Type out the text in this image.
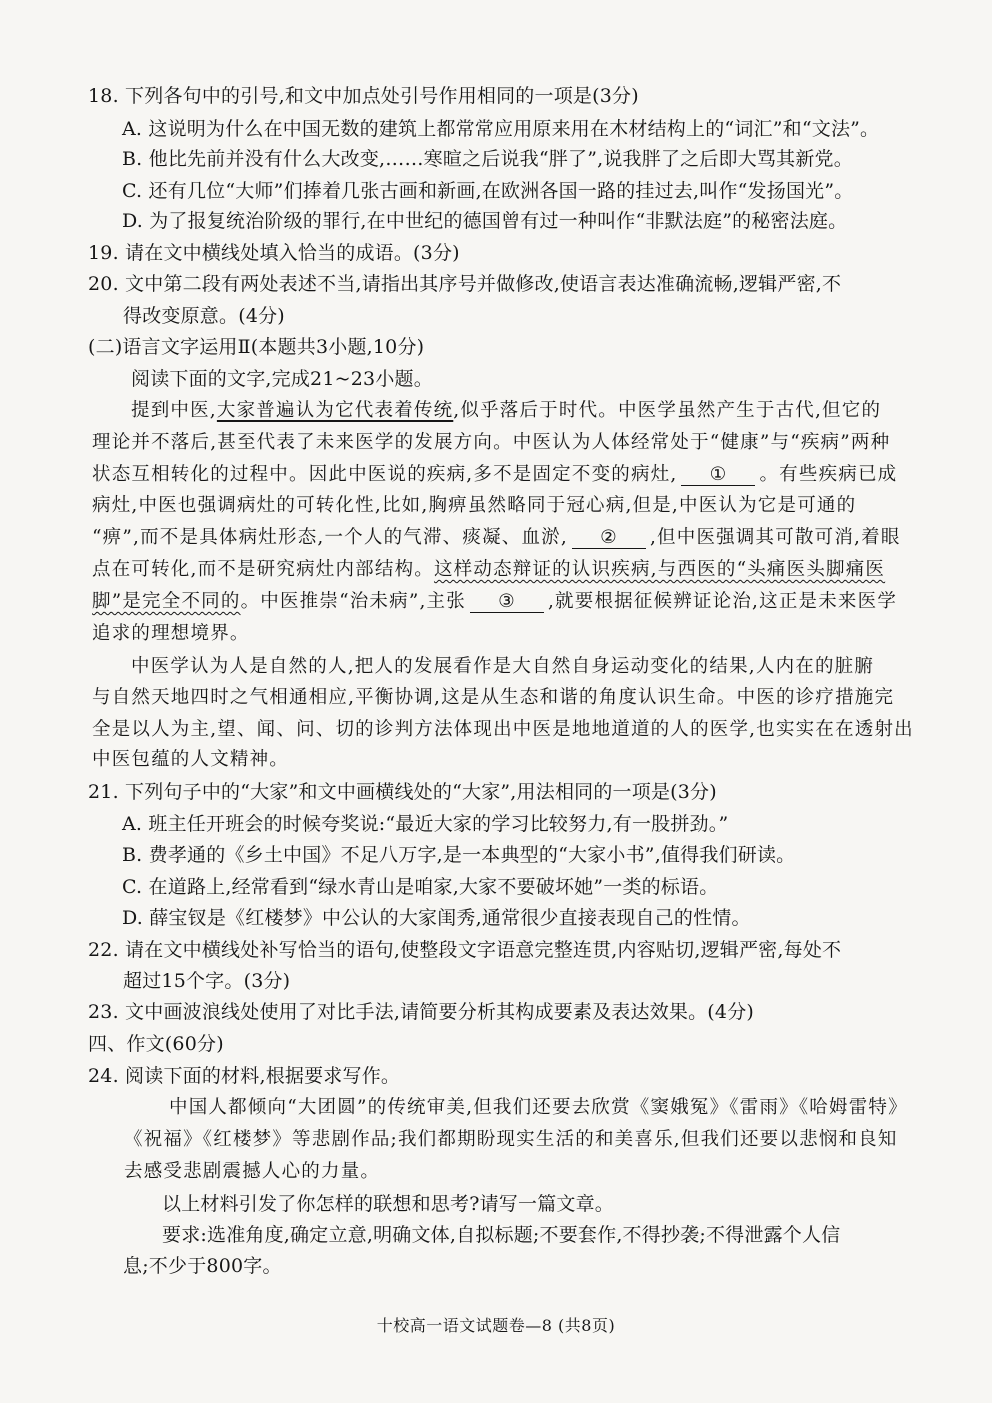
18. 下列各句中的引号,和文中加点处引号作用相同的一项是(3分)
A. 这说明为什么在中国无数的建筑上都常常应用原来用在木材结构上的“词汇”和“文法”。
B. 他比先前并没有什么大改变,……寒暄之后说我“胖了”,说我胖了之后即大骂其新党。
C. 还有几位“大师”们捧着几张古画和新画,在欧洲各国一路的挂过去,叫作“发扬国光”。
D. 为了报复统治阶级的罪行,在中世纪的德国曾有过一种叫作“非默法庭”的秘密法庭。
19. 请在文中横线处填入恰当的成语。(3分)
20. 文中第二段有两处表述不当,请指出其序号并做修改,使语言表达准确流畅,逻辑严密,不
得改变原意。(4分)
(二)语言文字运用Ⅱ(本题共3小题,10分)
阅读下面的文字,完成21~23小题。
提到中医,大家普遍认为它代表着传统,似乎落后于时代。中医学虽然产生于古代,但它的
理论并不落后,甚至代表了未来医学的发展方向。中医认为人体经常处于“健康”与“疾病”两种
状态互相转化的过程中。因此中医说的疾病,多不是固定不变的病灶, ① 。有些疾病已成
病灶,中医也强调病灶的可转化性,比如,胸痹虽然略同于冠心病,但是,中医认为它是可通的
“痹”,而不是具体病灶形态,一个人的气滞、痰凝、血淤, ② ,但中医强调其可散可消,着眼
点在可转化,而不是研究病灶内部结构。这样动态辩证的认识疾病,与西医的“头痛医头脚痛医
脚”是完全不同的。中医推崇“治未病”,主张 ③ ,就要根据征候辨证论治,这正是未来医学
追求的理想境界。
中医学认为人是自然的人,把人的发展看作是大自然自身运动变化的结果,人内在的脏腑
与自然天地四时之气相通相应,平衡协调,这是从生态和谐的角度认识生命。中医的诊疗措施完
全是以人为主,望、闻、问、切的诊判方法体现出中医是地地道道的人的医学,也实实在在透射出
中医包蕴的人文精神。
21. 下列句子中的“大家”和文中画横线处的“大家”,用法相同的一项是(3分)
A. 班主任开班会的时候夸奖说:“最近大家的学习比较努力,有一股拼劲。”
B. 费孝通的《乡土中国》不足八万字,是一本典型的“大家小书”,值得我们研读。
C. 在道路上,经常看到“绿水青山是咱家,大家不要破坏她”一类的标语。
D. 薛宝钗是《红楼梦》中公认的大家闺秀,通常很少直接表现自己的性情。
22. 请在文中横线处补写恰当的语句,使整段文字语意完整连贯,内容贴切,逻辑严密,每处不
超过15个字。(3分)
23. 文中画波浪线处使用了对比手法,请简要分析其构成要素及表达效果。(4分)
四、作文(60分)
24. 阅读下面的材料,根据要求写作。
中国人都倾向“大团圆”的传统审美,但我们还要去欣赏《窦娥冤》《雷雨》《哈姆雷特》
《祝福》《红楼梦》等悲剧作品;我们都期盼现实生活的和美喜乐,但我们还要以悲悯和良知
去感受悲剧震撼人心的力量。
以上材料引发了你怎样的联想和思考?请写一篇文章。
要求:选准角度,确定立意,明确文体,自拟标题;不要套作,不得抄袭;不得泄露个人信
息;不少于800字。
十校高一语文试题卷—8 (共8页)
